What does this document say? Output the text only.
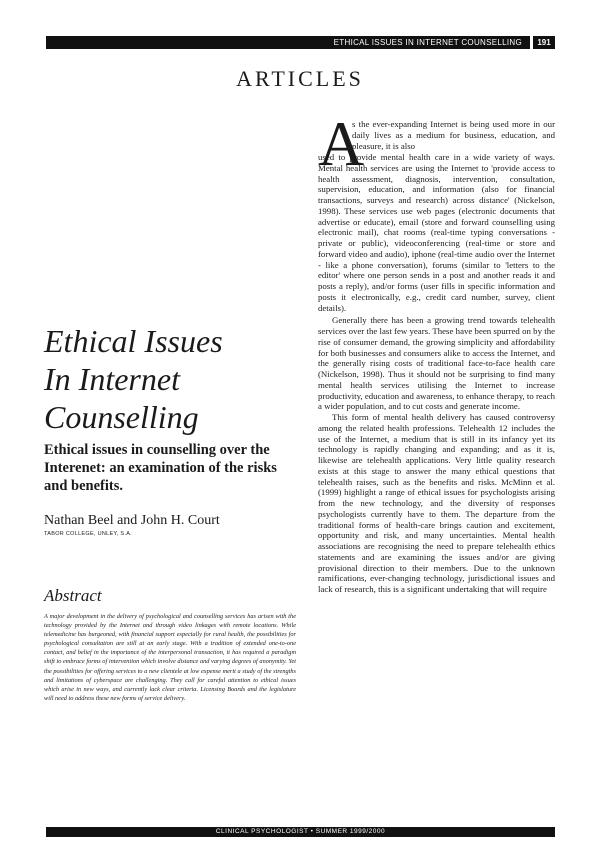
ETHICAL ISSUES IN INTERNET COUNSELLING	191
ARTICLES
Ethical Issues
In Internet
Counselling
Ethical issues in counselling over the Interenet: an examination of the risks and benefits.
Nathan Beel and John H. Court
TABOR COLLEGE, UNLEY, S.A.
Abstract
A major development in the delivery of psychological and counselling services has arisen with the technology provided by the Internet and through video linkages with remote locations. While telemedicine has burgeoned, with financial support especially for rural health, the possibilities for psychological consultation are still at an early stage. With a tradition of extended one-to-one contact, and belief in the importance of the interpersonal transaction, it has required a paradigm shift to embrace forms of intervention which involve distance and varying degrees of anonymity. Yet the possibilities for offering services to a new clientele at low expense merit a study of the strengths and limitations of cyberspace are challenging. They call for careful attention to ethical issues which arise in new ways, and currently lack clear criteria. Licensing Boards and the legislature will need to address these new forms of service delivery.
A
s the ever-expanding Internet is being used more in our daily lives as a medium for business, education, and pleasure, it is also

used to provide mental health care in a wide variety of ways. Mental health services are using the Internet to 'provide access to health assessment, diagnosis, intervention, consultation, supervision, education, and information (also for financial transactions, surveys and research) across distance' (Nickelson, 1998). These services use web pages (electronic documents that advertise or educate), email (store and forward counselling using electronic mail), chat rooms (real-time typing conversations - private or public), videoconferencing (real-time or store and forward video and audio), iphone (real-time audio over the Internet - like a phone conversation), forums (similar to 'letters to the editor' where one person sends in a post and another reads it and posts a reply), and/or forms (user fills in specific information and posts it electronically, e.g., credit card number, survey, client details).

Generally there has been a growing trend towards telehealth services over the last few years. These have been spurred on by the rise of consumer demand, the growing simplicity and affordability for both businesses and consumers alike to access the Internet, and the generally rising costs of traditional face-to-face health care (Nickelson, 1998). Thus it should not be surprising to find many mental health services utilising the Internet to increase productivity, education and awareness, to enhance therapy, to reach a wider population, and to cut costs and generate income.

This form of mental health delivery has caused controversy among the related health professions. Telehealth 12 includes the use of the Internet, a medium that is still in its infancy yet its technology is rapidly changing and expanding; and as it is, likewise are telehealth applications. Very little quality research exists at this stage to answer the many ethical questions that telehealth raises, such as the benefits and risks. McMinn et al. (1999) highlight a range of ethical issues for psychologists arising from the new technology, and the diversity of responses psychologists currently have to them. The departure from the traditional forms of health-care brings caution and excitement, opportunity and risk, and many uncertainties. Mental health associations are recognising the need to prepare telehealth ethics statements and are examining the issues and/or are giving provisional direction to their members. Due to the unknown ramifications, ever-changing technology, jurisdictional issues and lack of research, this is a significant undertaking that will require

CLINICAL PSYCHOLOGIST • SUMMER 1999/2000
